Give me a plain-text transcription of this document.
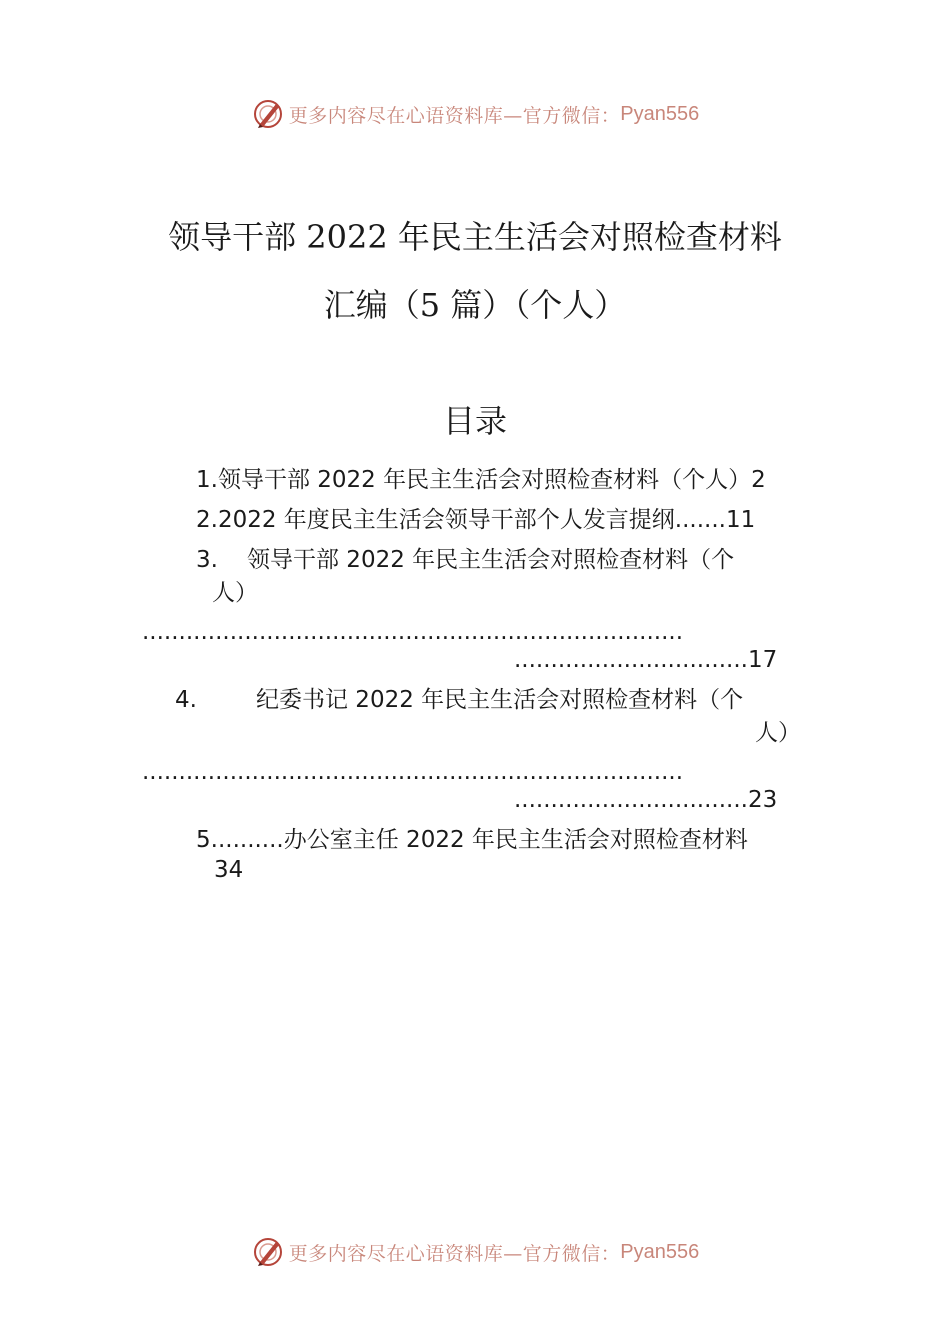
更多内容尽在心语资料库—官方微信： Pyan556
领导干部 2022 年民主生活会对照检查材料
汇编（5 篇）（个人）
目录
1.领导干部 2022 年民主生活会对照检查材料（个人）2
2.2022 年度民主生活会领导干部个人发言提纲.......11
3. 领导干部 2022 年民主生活会对照检查材料（个
人）
..........................................................................
................................17
4.	纪委书记 2022 年民主生活会对照检查材料（个
人）
..........................................................................
................................23
5..........办公室主任 2022 年民主生活会对照检查材料
34
更多内容尽在心语资料库—官方微信： Pyan556
